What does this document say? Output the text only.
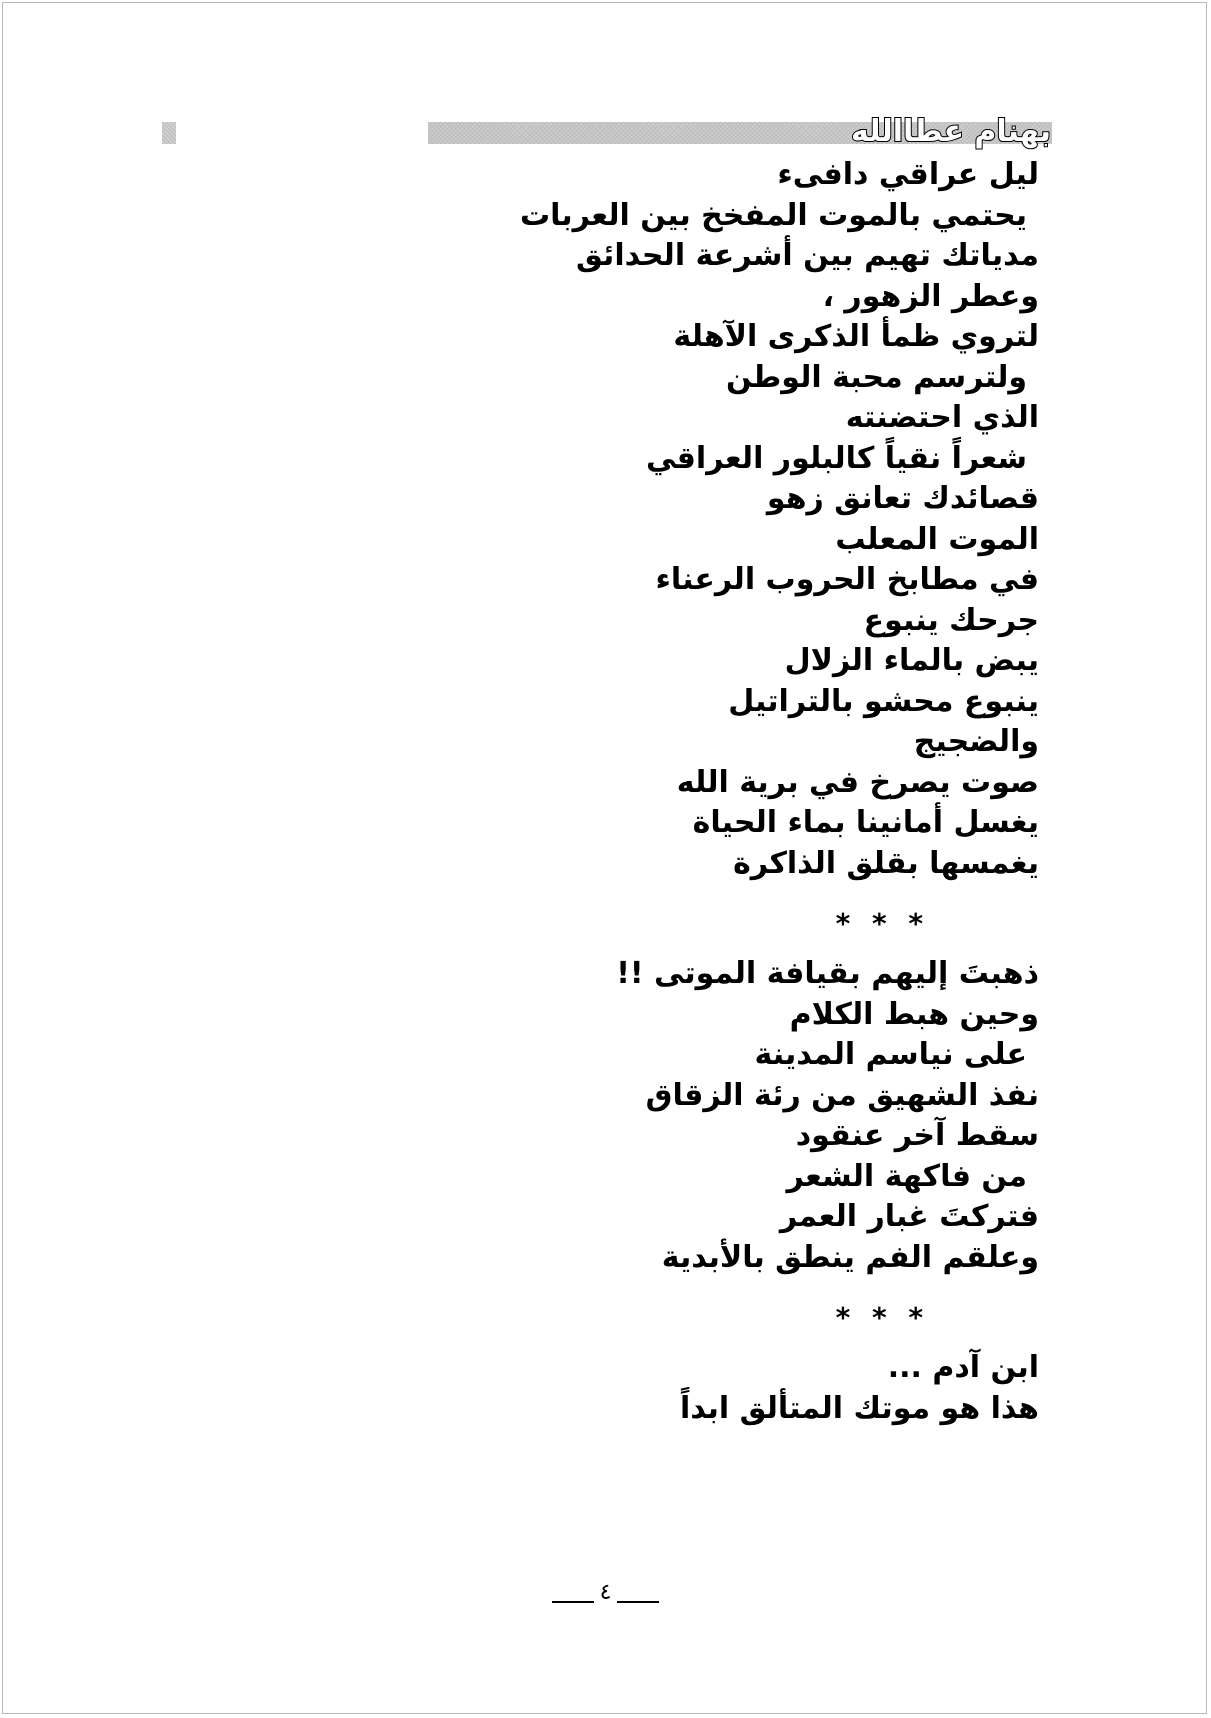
بهنام عطاالله
ليل عراقي دافىء
يحتمي بالموت المفخخ بين العربات
مدياتك تهيم بين أشرعة الحدائق
وعطر الزهور ،
لتروي ظمأ الذكرى الآهلة
ولترسم محبة الوطن
الذي احتضنته
شعراً نقياً كالبلور العراقي
قصائدك تعانق زهو
الموت المعلب
في مطابخ الحروب الرعناء
جرحك ينبوع
يبض بالماء الزلال
ينبوع محشو بالتراتيل
والضجيج
صوت يصرخ في برية الله
يغسل أمانينا بماء الحياة
يغمسها بقلق الذاكرة
* * *
ذهبتَ إليهم بقيافة الموتى !!
وحين هبط الكلام
على نياسم المدينة
نفذ الشهيق من رئة الزقاق
سقط آخر عنقود
من فاكهة الشعر
فتركتَ غبار العمر
وعلقم الفم ينطق بالأبدية
* * *
ابن آدم ...
هذا هو موتك المتألق ابداً
٤
